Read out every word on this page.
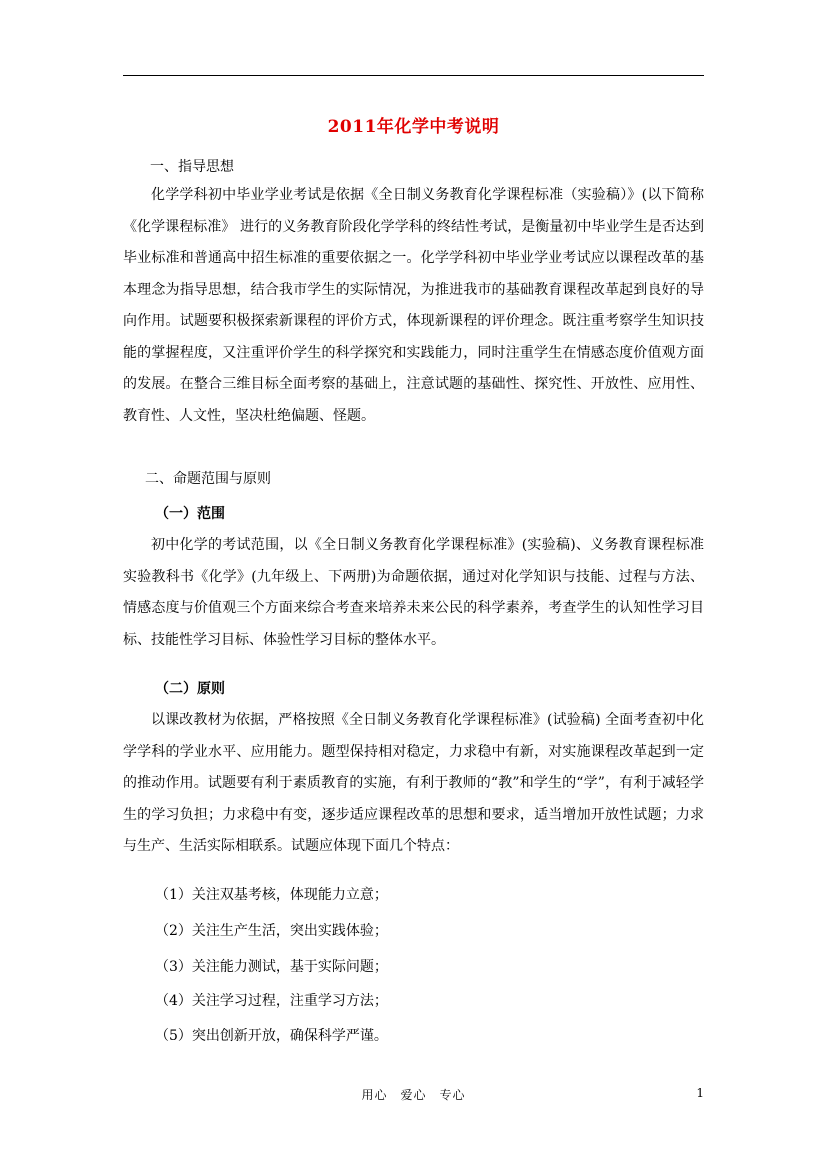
2011年化学中考说明

一、指导思想

化学学科初中毕业学业考试是依据《全日制义务教育化学课程标准（实验稿）》(以下简称《化学课程标准》 进行的义务教育阶段化学学科的终结性考试，是衡量初中毕业学生是否达到毕业标准和普通高中招生标准的重要依据之一。化学学科初中毕业学业考试应以课程改革的基本理念为指导思想，结合我市学生的实际情况，为推进我市的基础教育课程改革起到良好的导向作用。试题要积极探索新课程的评价方式，体现新课程的评价理念。既注重考察学生知识技能的掌握程度，又注重评价学生的科学探究和实践能力，同时注重学生在情感态度价值观方面的发展。在整合三维目标全面考察的基础上，注意试题的基础性、探究性、开放性、应用性、教育性、人文性，坚决杜绝偏题、怪题。

二、命题范围与原则

（一）范围

初中化学的考试范围，以《全日制义务教育化学课程标准》(实验稿)、义务教育课程标准实验教科书《化学》(九年级上、下两册)为命题依据，通过对化学知识与技能、过程与方法、情感态度与价值观三个方面来综合考查来培养未来公民的科学素养，考查学生的认知性学习目标、技能性学习目标、体验性学习目标的整体水平。

（二）原则

以课改教材为依据，严格按照《全日制义务教育化学课程标准》(试验稿) 全面考查初中化学学科的学业水平、应用能力。题型保持相对稳定，力求稳中有新，对实施课程改革起到一定的推动作用。试题要有利于素质教育的实施，有利于教师的“教”和学生的“学”，有利于减轻学生的学习负担；力求稳中有变，逐步适应课程改革的思想和要求，适当增加开放性试题；力求与生产、生活实际相联系。试题应体现下面几个特点：

（1）关注双基考核，体现能力立意；

（2）关注生产生活，突出实践体验；

（3）关注能力测试，基于实际问题；

（4）关注学习过程，注重学习方法；

（5）突出创新开放，确保科学严谨。

用心　爱心　专心	1
